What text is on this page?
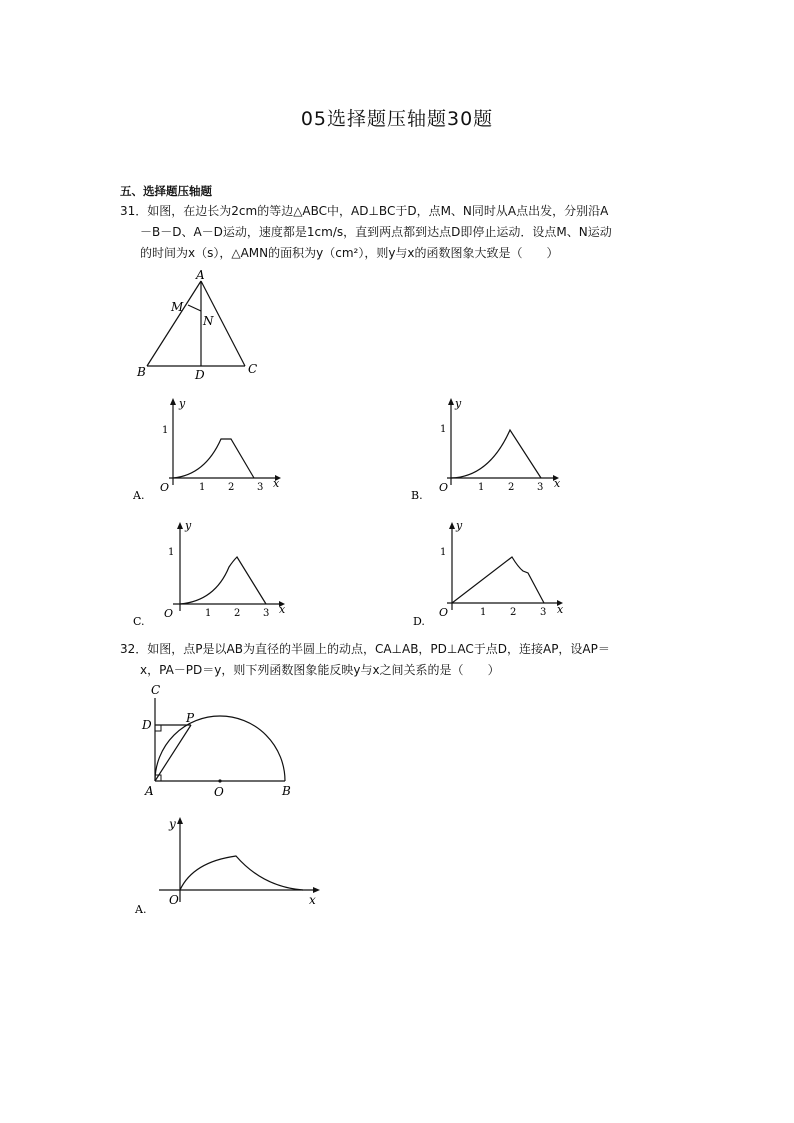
05选择题压轴题30题
五、选择题压轴题
31．如图，在边长为2cm的等边△ABC中，AD⊥BC于D，点M、N同时从A点出发，分别沿A
－B－D、A－D运动，速度都是1cm/s，直到两点都到达点D即停止运动．设点M、N运动
的时间为x（s），△AMN的面积为y（cm²），则y与x的函数图象大致是（　　）
A
B	C
D
M
N
A.
y
x
O
1
1 2 3
B.
y
x
O
1
1 2 3
C.
y
x
O
1
1 2 3
D.
y
x
O
1
1 2 3
32．如图，点P是以AB为直径的半圆上的动点，CA⊥AB，PD⊥AC于点D，连接AP，设AP＝
x，PA－PD＝y，则下列函数图象能反映y与x之间关系的是（　　）
C
D	P
A	O	B
A.
y
x
O
